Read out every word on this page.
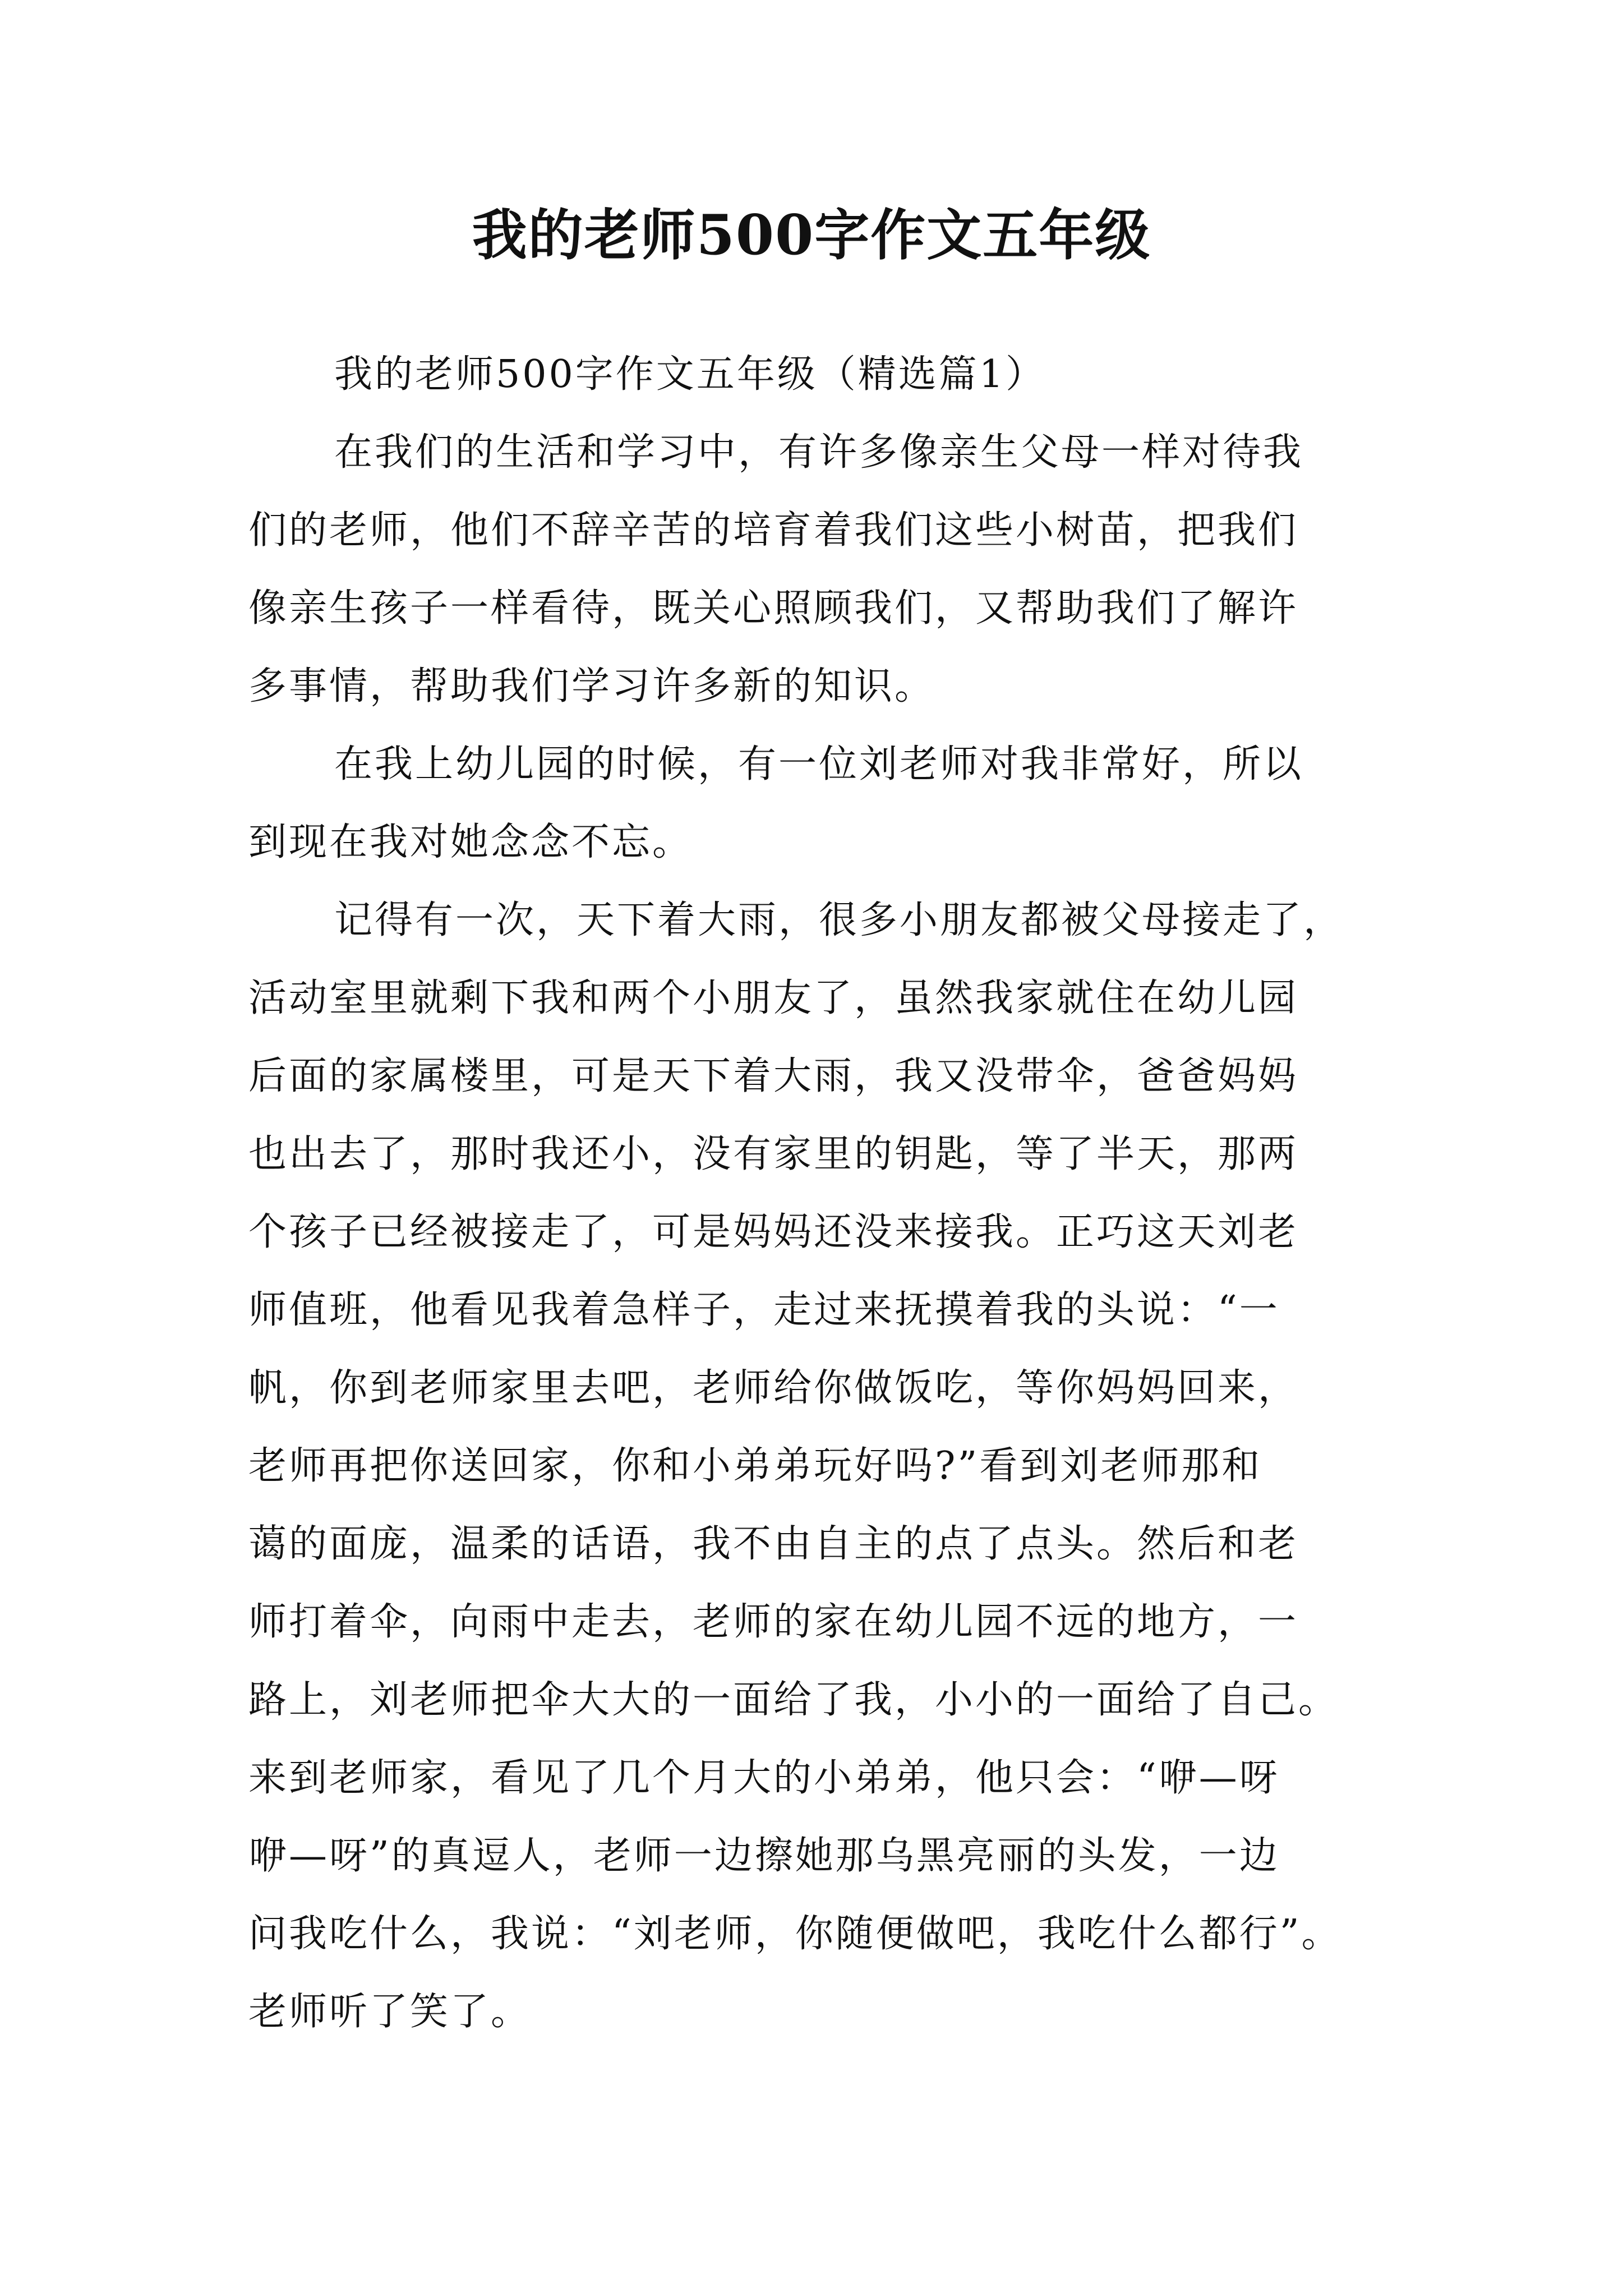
我的老师500字作文五年级
我的老师500字作文五年级（精选篇1）
在我们的生活和学习中，有许多像亲生父母一样对待我
们的老师，他们不辞辛苦的培育着我们这些小树苗，把我们
像亲生孩子一样看待，既关心照顾我们，又帮助我们了解许
多事情，帮助我们学习许多新的知识。
在我上幼儿园的时候，有一位刘老师对我非常好，所以
到现在我对她念念不忘。
记得有一次，天下着大雨，很多小朋友都被父母接走了，
活动室里就剩下我和两个小朋友了，虽然我家就住在幼儿园
后面的家属楼里，可是天下着大雨，我又没带伞，爸爸妈妈
也出去了，那时我还小，没有家里的钥匙，等了半天，那两
个孩子已经被接走了，可是妈妈还没来接我。正巧这天刘老
师值班，他看见我着急样子，走过来抚摸着我的头说：“一
帆，你到老师家里去吧，老师给你做饭吃，等你妈妈回来，
老师再把你送回家，你和小弟弟玩好吗?”看到刘老师那和
蔼的面庞，温柔的话语，我不由自主的点了点头。然后和老
师打着伞，向雨中走去，老师的家在幼儿园不远的地方，一
路上，刘老师把伞大大的一面给了我，小小的一面给了自己。
来到老师家，看见了几个月大的小弟弟，他只会：“咿—呀
咿—呀”的真逗人，老师一边擦她那乌黑亮丽的头发，一边
问我吃什么，我说：“刘老师，你随便做吧，我吃什么都行”。
老师听了笑了。
